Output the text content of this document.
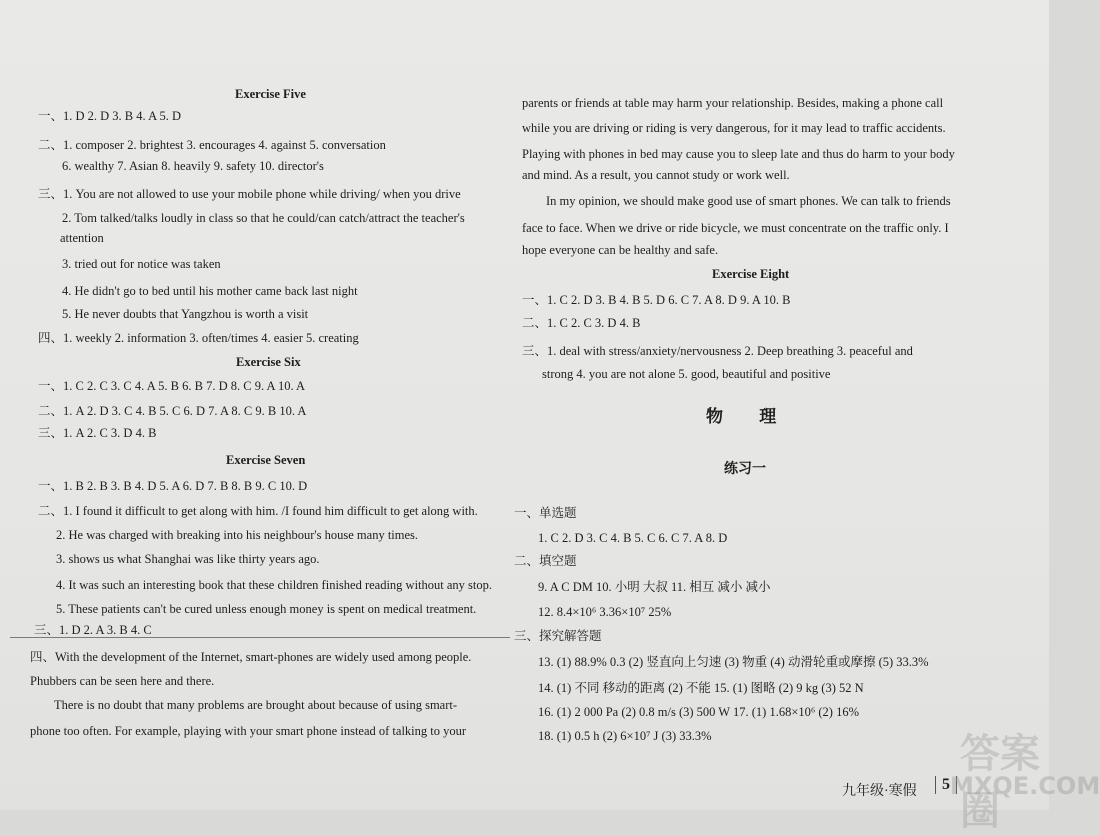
Exercise Five
一、1. D 2. D 3. B 4. A 5. D
二、1. composer 2. brightest 3. encourages 4. against 5. conversation
6. wealthy 7. Asian 8. heavily 9. safety 10. director's
三、1. You are not allowed to use your mobile phone while driving/ when you drive
2. Tom talked/talks loudly in class so that he could/can catch/attract the teacher's
attention
3. tried out for notice was taken
4. He didn't go to bed until his mother came back last night
5. He never doubts that Yangzhou is worth a visit
四、1. weekly 2. information 3. often/times 4. easier 5. creating
Exercise Six
一、1. C 2. C 3. C 4. A 5. B 6. B 7. D 8. C 9. A 10. A
二、1. A 2. D 3. C 4. B 5. C 6. D 7. A 8. C 9. B 10. A
三、1. A 2. C 3. D 4. B
Exercise Seven
一、1. B 2. B 3. B 4. D 5. A 6. D 7. B 8. B 9. C 10. D
二、1. I found it difficult to get along with him. /I found him difficult to get along with.
2. He was charged with breaking into his neighbour's house many times.
3. shows us what Shanghai was like thirty years ago.
4. It was such an interesting book that these children finished reading without any stop.
5. These patients can't be cured unless enough money is spent on medical treatment.
三、1. D 2. A 3. B 4. C
四、With the development of the Internet, smart-phones are widely used among people.
Phubbers can be seen here and there.
There is no doubt that many problems are brought about because of using smart-
phone too often. For example, playing with your smart phone instead of talking to your
parents or friends at table may harm your relationship. Besides, making a phone call
while you are driving or riding is very dangerous, for it may lead to traffic accidents.
Playing with phones in bed may cause you to sleep late and thus do harm to your body
and mind. As a result, you cannot study or work well.
In my opinion, we should make good use of smart phones. We can talk to friends
face to face. When we drive or ride bicycle, we must concentrate on the traffic only. I
hope everyone can be healthy and safe.
Exercise Eight
一、1. C 2. D 3. B 4. B 5. D 6. C 7. A 8. D 9. A 10. B
二、1. C 2. C 3. D 4. B
三、1. deal with stress/anxiety/nervousness 2. Deep breathing 3. peaceful and
strong 4. you are not alone 5. good, beautiful and positive
物 理
练习一
一、单选题
1. C 2. D 3. C 4. B 5. C 6. C 7. A 8. D
二、填空题
9. A C DM 10. 小明 大叔 11. 相互 减小 减小
12. 8.4×10⁶ 3.36×10⁷ 25%
三、探究解答题
13. (1) 88.9% 0.3 (2) 竖直向上匀速 (3) 物重 (4) 动滑轮重或摩擦 (5) 33.3%
14. (1) 不同 移动的距离 (2) 不能 15. (1) 图略 (2) 9 kg (3) 52 N
16. (1) 2 000 Pa (2) 0.8 m/s (3) 500 W 17. (1) 1.68×10⁶ (2) 16%
18. (1) 0.5 h (2) 6×10⁷ J (3) 33.3%
九年级·寒假	5
答案圈
MXQE.COM
